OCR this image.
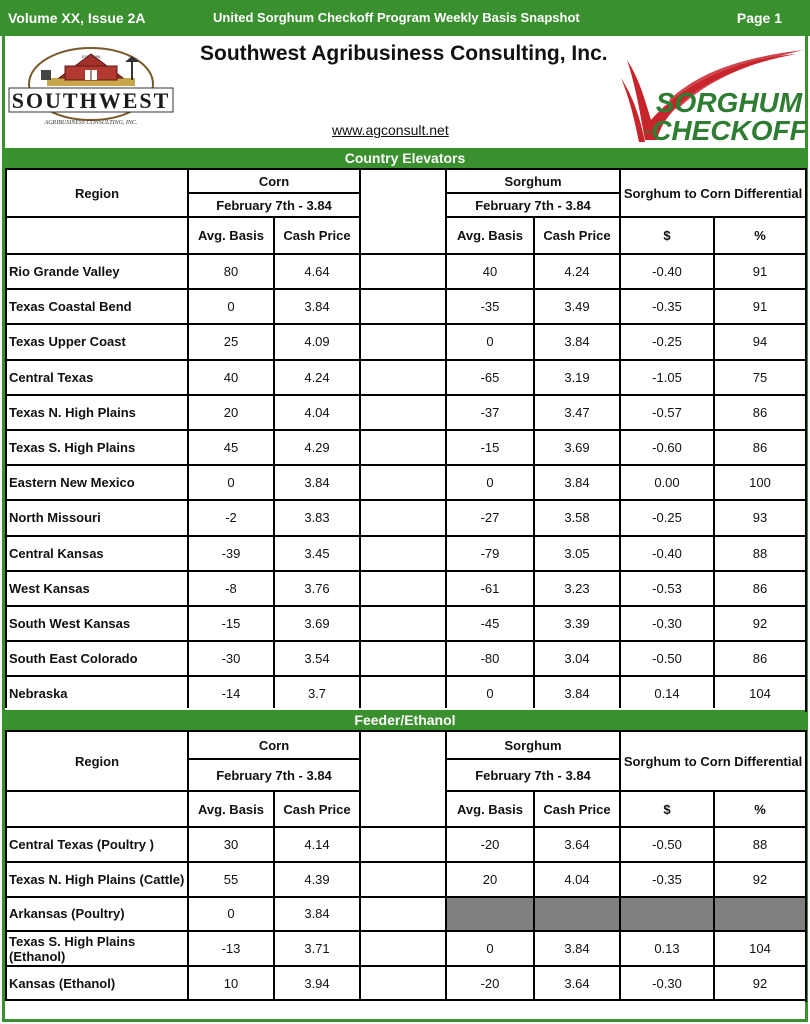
Volume XX, Issue 2A	United Sorghum Checkoff Program Weekly Basis Snapshot	Page 1
EST. 1998
SOUTHWEST
AGRIBUSINESS CONSULTING, INC.
Southwest Agribusiness Consulting, Inc.
www.agconsult.net	SM
SORGHUM
CHECKOFF
Country Elevators
Region	Corn			Sorghum		Sorghum to Corn Differential	
	February 7th - 3.84			February 7th - 3.84			
	Avg. Basis	Cash Price		Avg. Basis	Cash Price	$	%
Rio Grande Valley	80	4.64		40	4.24	-0.40	91
Texas Coastal Bend	0	3.84		-35	3.49	-0.35	91
Texas Upper Coast	25	4.09		0	3.84	-0.25	94
Central Texas	40	4.24		-65	3.19	-1.05	75
Texas N. High Plains	20	4.04		-37	3.47	-0.57	86
Texas S. High Plains	45	4.29		-15	3.69	-0.60	86
Eastern New Mexico	0	3.84		0	3.84	0.00	100
North Missouri	-2	3.83		-27	3.58	-0.25	93
Central Kansas	-39	3.45		-79	3.05	-0.40	88
West Kansas	-8	3.76		-61	3.23	-0.53	86
South West Kansas	-15	3.69		-45	3.39	-0.30	92
South East Colorado	-30	3.54		-80	3.04	-0.50	86
Nebraska	-14	3.7		0	3.84	0.14	104
Feeder/Ethanol
Region	Corn			Sorghum		Sorghum to Corn Differential	
	February 7th - 3.84			February 7th - 3.84			
	Avg. Basis	Cash Price		Avg. Basis	Cash Price	$	%
Central Texas (Poultry )	30	4.14		-20	3.64	-0.50	88
Texas N. High Plains (Cattle)	55	4.39		20	4.04	-0.35	92
Arkansas (Poultry)	0	3.84					
Texas S. High Plains (Ethanol)	-13	3.71		0	3.84	0.13	104
Kansas (Ethanol)	10	3.94		-20	3.64	-0.30	92
